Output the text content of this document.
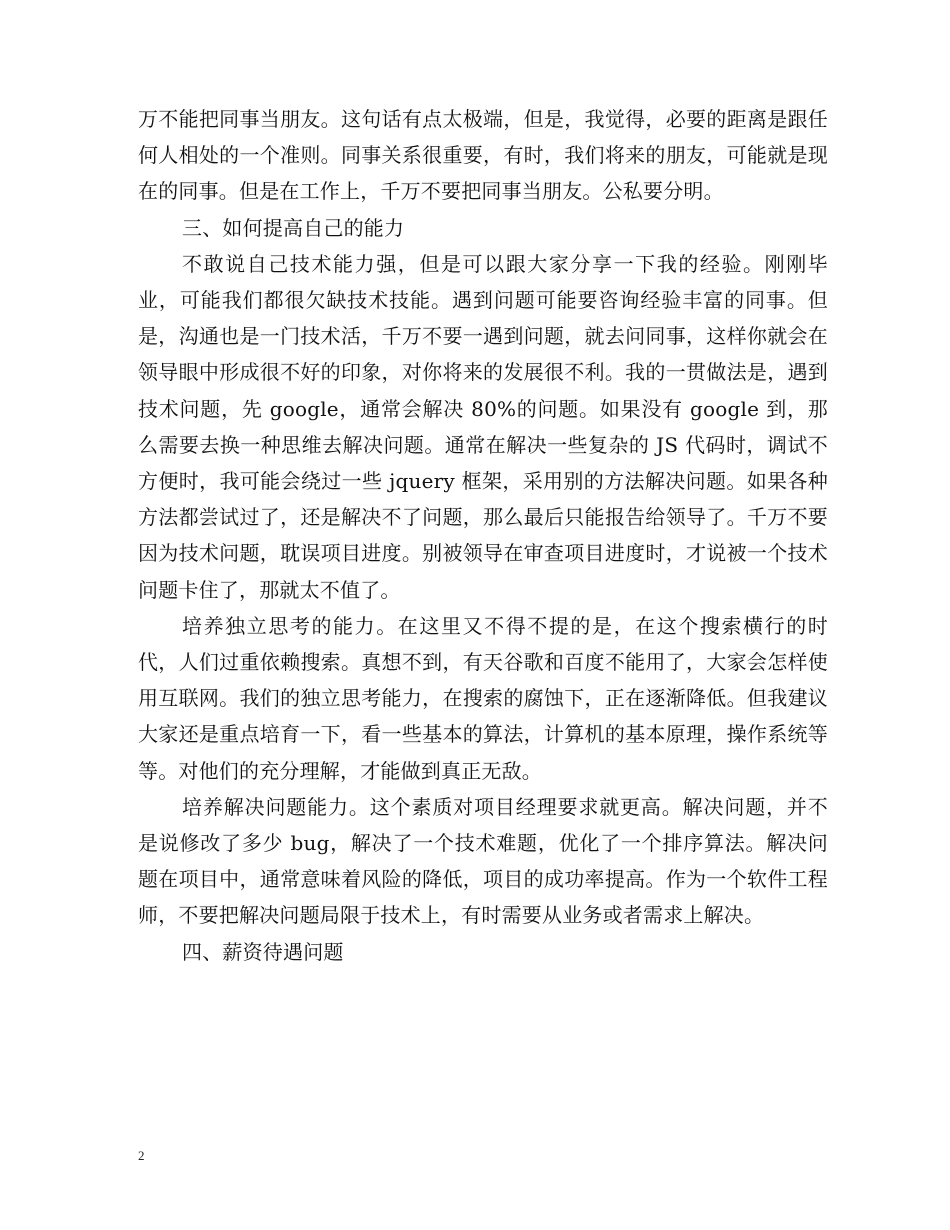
万不能把同事当朋友。这句话有点太极端，但是，我觉得，必要的距离是跟任何人相处的一个准则。同事关系很重要，有时，我们将来的朋友，可能就是现在的同事。但是在工作上，千万不要把同事当朋友。公私要分明。

三、如何提高自己的能力

不敢说自己技术能力强，但是可以跟大家分享一下我的经验。刚刚毕业，可能我们都很欠缺技术技能。遇到问题可能要咨询经验丰富的同事。但是，沟通也是一门技术活，千万不要一遇到问题，就去问同事，这样你就会在领导眼中形成很不好的印象，对你将来的发展很不利。我的一贯做法是，遇到技术问题，先 google，通常会解决 80%的问题。如果没有 google 到，那么需要去换一种思维去解决问题。通常在解决一些复杂的 JS 代码时，调试不方便时，我可能会绕过一些 jquery 框架，采用别的方法解决问题。如果各种方法都尝试过了，还是解决不了问题，那么最后只能报告给领导了。千万不要因为技术问题，耽误项目进度。别被领导在审查项目进度时，才说被一个技术问题卡住了，那就太不值了。

培养独立思考的能力。在这里又不得不提的是，在这个搜索横行的时代，人们过重依赖搜索。真想不到，有天谷歌和百度不能用了，大家会怎样使用互联网。我们的独立思考能力，在搜索的腐蚀下，正在逐渐降低。但我建议大家还是重点培育一下，看一些基本的算法，计算机的基本原理，操作系统等等。对他们的充分理解，才能做到真正无敌。

培养解决问题能力。这个素质对项目经理要求就更高。解决问题，并不是说修改了多少 bug，解决了一个技术难题，优化了一个排序算法。解决问题在项目中，通常意味着风险的降低，项目的成功率提高。作为一个软件工程师，不要把解决问题局限于技术上，有时需要从业务或者需求上解决。

四、薪资待遇问题

2
